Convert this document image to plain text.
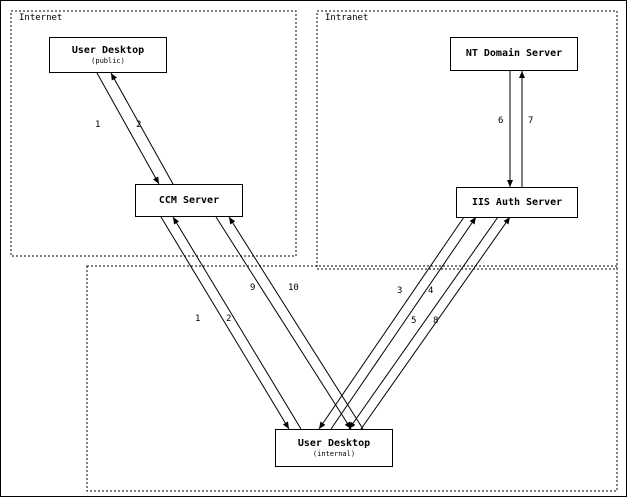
Internet	Intranet
User Desktop
(public)
CCM Server
NT Domain Server
IIS Auth Server
User Desktop
(internal)
1	2	6	7
9	10	3	4
1	2	5 8
